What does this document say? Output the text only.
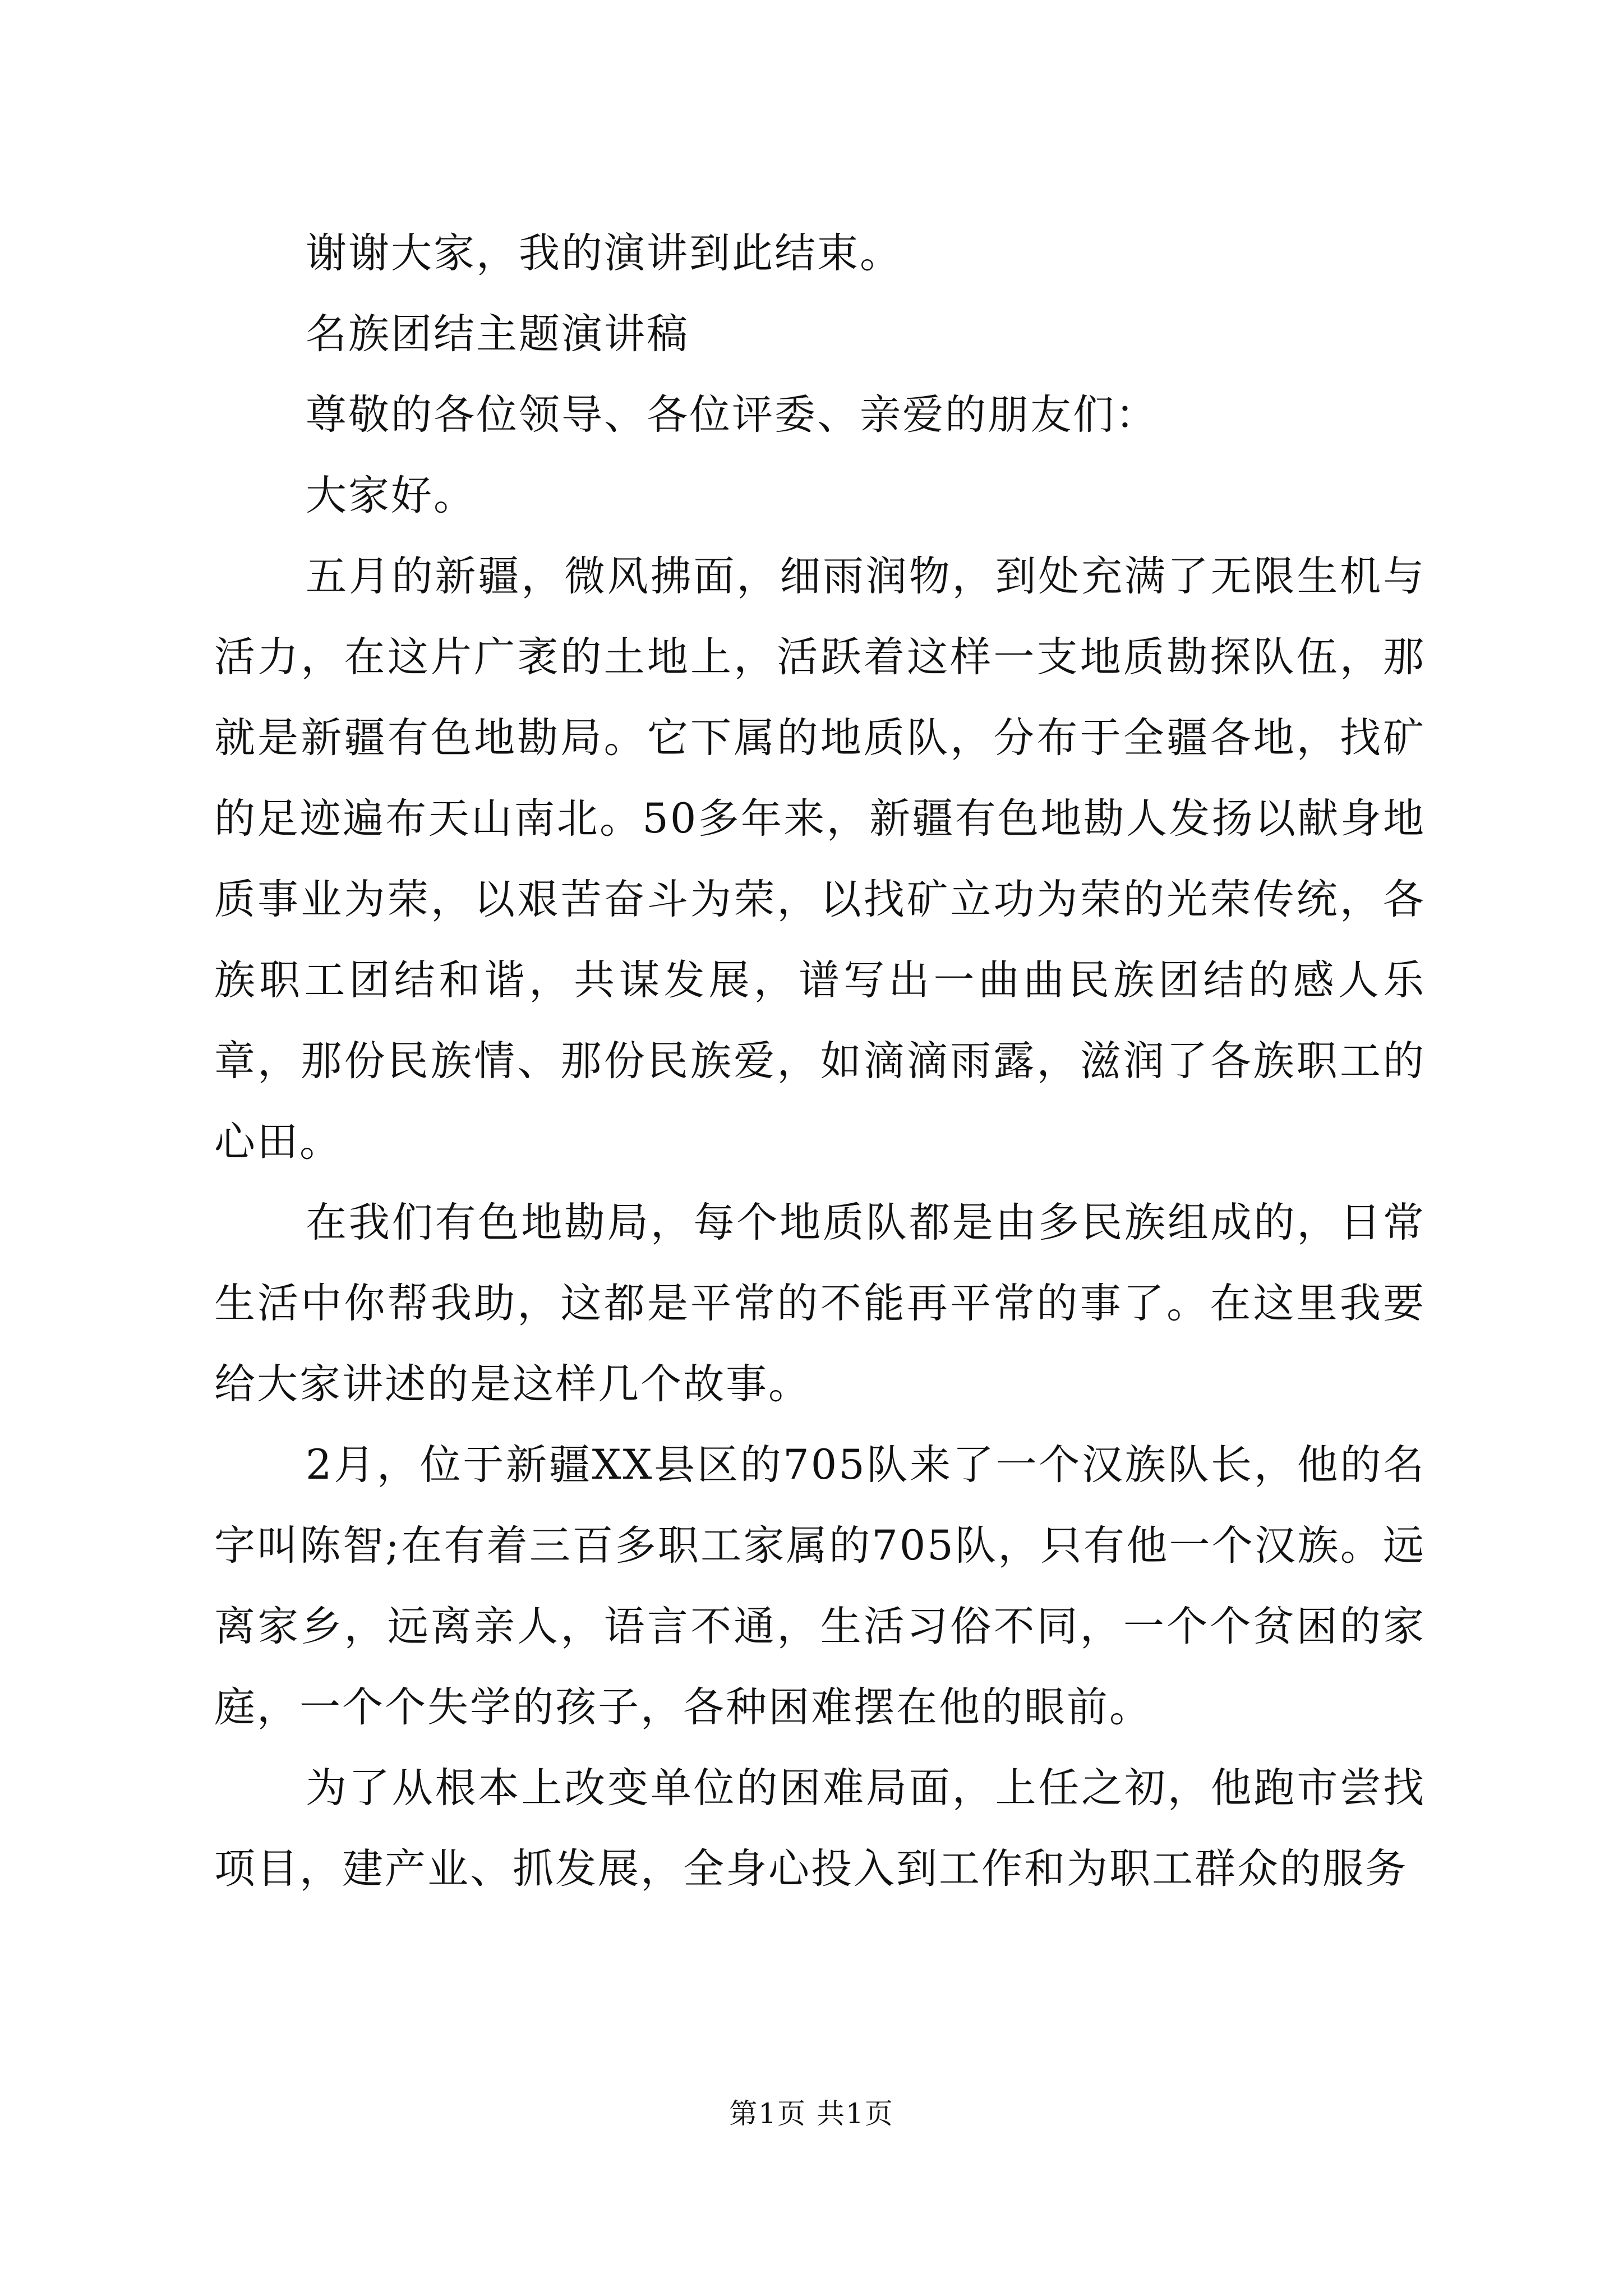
谢谢大家，我的演讲到此结束。

名族团结主题演讲稿

尊敬的各位领导、各位评委、亲爱的朋友们：

大家好。

五月的新疆，微风拂面，细雨润物，到处充满了无限生机与活力，在这片广袤的土地上，活跃着这样一支地质勘探队伍，那就是新疆有色地勘局。它下属的地质队，分布于全疆各地，找矿的足迹遍布天山南北。50多年来，新疆有色地勘人发扬以献身地质事业为荣，以艰苦奋斗为荣，以找矿立功为荣的光荣传统，各族职工团结和谐，共谋发展，谱写出一曲曲民族团结的感人乐章，那份民族情、那份民族爱，如滴滴雨露，滋润了各族职工的心田。

在我们有色地勘局，每个地质队都是由多民族组成的，日常生活中你帮我助，这都是平常的不能再平常的事了。在这里我要给大家讲述的是这样几个故事。

2月，位于新疆XX县区的705队来了一个汉族队长，他的名字叫陈智;在有着三百多职工家属的705队，只有他一个汉族。远离家乡，远离亲人，语言不通，生活习俗不同，一个个贫困的家庭，一个个失学的孩子，各种困难摆在他的眼前。

为了从根本上改变单位的困难局面，上任之初，他跑市尝找项目，建产业、抓发展，全身心投入到工作和为职工群众的服务

第1页 共1页
